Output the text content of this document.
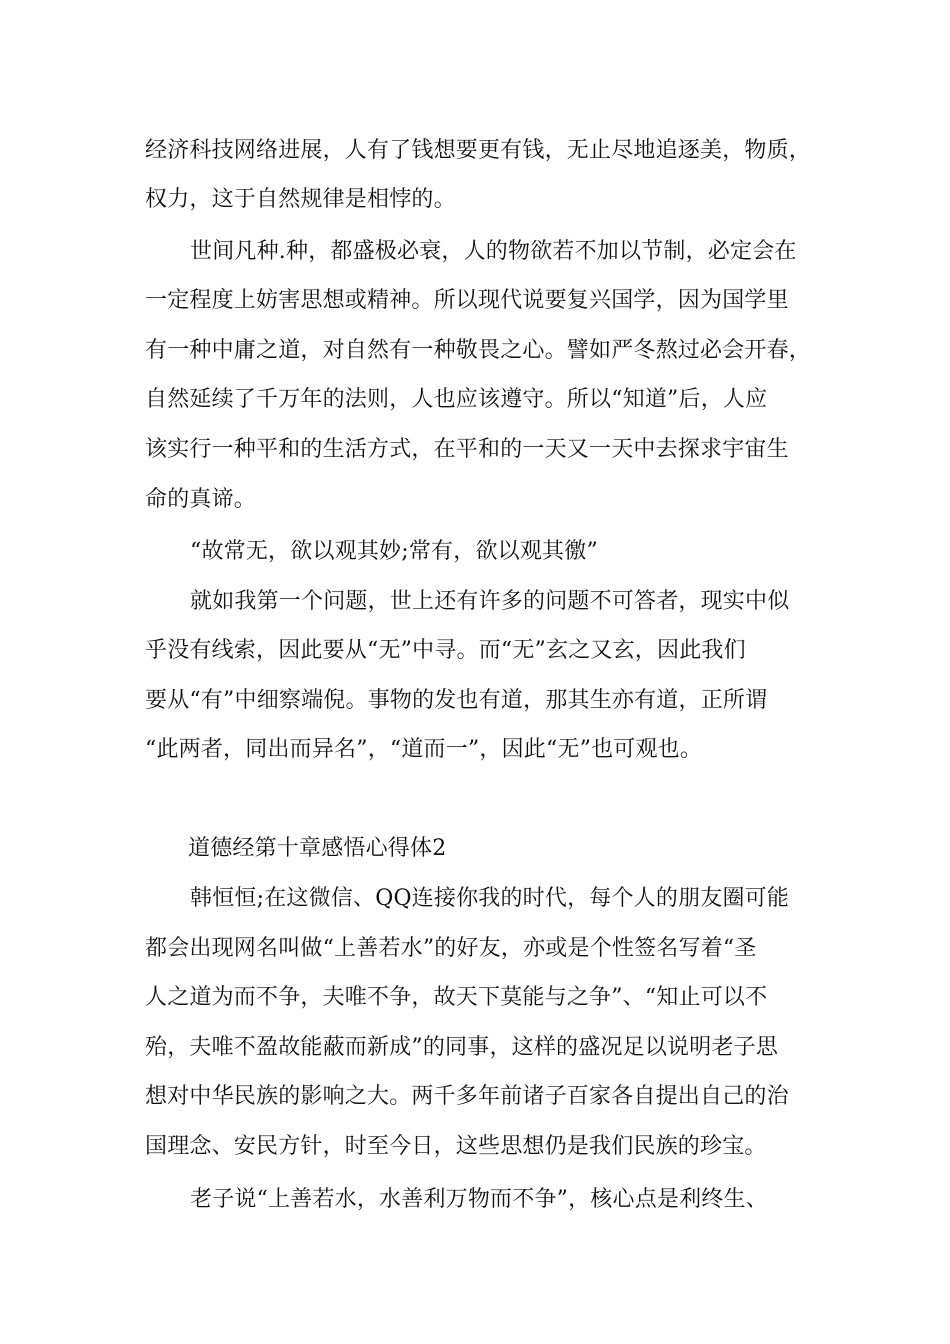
经济科技网络进展，人有了钱想要更有钱，无止尽地追逐美，物质，
权力，这于自然规律是相悖的。
世间凡种.种，都盛极必衰，人的物欲若不加以节制，必定会在
一定程度上妨害思想或精神。所以现代说要复兴国学，因为国学里
有一种中庸之道，对自然有一种敬畏之心。譬如严冬熬过必会开春，
自然延续了千万年的法则，人也应该遵守。所以“知道”后，人应
该实行一种平和的生活方式，在平和的一天又一天中去探求宇宙生
命的真谛。
“故常无，欲以观其妙;常有，欲以观其徼”
就如我第一个问题，世上还有许多的问题不可答者，现实中似
乎没有线索，因此要从“无”中寻。而“无”玄之又玄，因此我们
要从“有”中细察端倪。事物的发也有道，那其生亦有道，正所谓
“此两者，同出而异名”，“道而一”，因此“无”也可观也。
道德经第十章感悟心得体2
韩恒恒;在这微信、QQ连接你我的时代，每个人的朋友圈可能
都会出现网名叫做“上善若水”的好友，亦或是个性签名写着“圣
人之道为而不争，夫唯不争，故天下莫能与之争”、“知止可以不
殆，夫唯不盈故能蔽而新成”的同事，这样的盛况足以说明老子思
想对中华民族的影响之大。两千多年前诸子百家各自提出自己的治
国理念、安民方针，时至今日，这些思想仍是我们民族的珍宝。
老子说“上善若水，水善利万物而不争”，核心点是利终生、
